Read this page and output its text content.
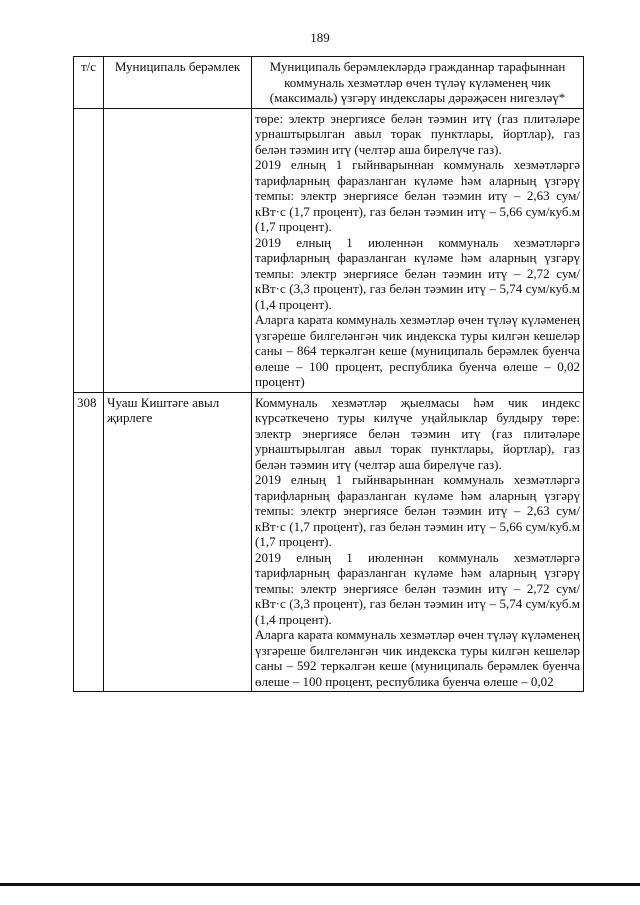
189
т/с	Муниципаль берәмлек	Муниципаль берәмлекләрдә гражданнар тарафыннан коммуналь хезмәтләр өчен түләү күләменең чик (максималь) үзгәрү индекслары дәрәҗәсен нигезләү*

		төре: электр энергиясе белән тәэмин итү (газ плитәләре урнаштырылган авыл торак пунктлары, йортлар), газ белән тәэмин итү (челтәр аша бирелүче газ).

2019 елның 1 гыйнварыннан коммуналь хезмәтләргә тарифларның фаразланган күләме һәм аларның үзгәрү темпы: электр энергиясе белән тәэмин итү – 2,63 сум/кВт·с (1,7 процент), газ белән тәэмин итү – 5,66 сум/куб.м (1,7 процент).

2019 елның 1 июленнән коммуналь хезмәтләргә тарифларның фаразланган күләме һәм аларның үзгәрү темпы: электр энергиясе белән тәэмин итү – 2,72 сум/кВт·с (3,3 процент), газ белән тәэмин итү – 5,74 сум/куб.м (1,4 процент).

Аларга карата коммуналь хезмәтләр өчен түләү күләменең үзгәреше билгеләнгән чик индекска туры килгән кешеләр саны – 864 теркәлгән кеше (муниципаль берәмлек буенча өлеше – 100 процент, республика буенча өлеше – 0,02 процент)

308	Чуаш Киштәге авыл җирлеге	Коммуналь хезмәтләр җыелмасы һәм чик индекс күрсәткечено туры килүче уңайлыклар булдыру төре: электр энергиясе белән тәэмин итү (газ плитәләре урнаштырылган авыл торак пунктлары, йортлар), газ белән тәэмин итү (челтәр аша бирелүче газ).

2019 елның 1 гыйнварыннан коммуналь хезмәтләргә тарифларның фаразланган күләме һәм аларның үзгәрү темпы: электр энергиясе белән тәэмин итү – 2,63 сум/кВт·с (1,7 процент), газ белән тәэмин итү – 5,66 сум/куб.м (1,7 процент).

2019 елның 1 июленнән коммуналь хезмәтләргә тарифларның фаразланган күләме һәм аларның үзгәрү темпы: электр энергиясе белән тәэмин итү – 2,72 сум/кВт·с (3,3 процент), газ белән тәэмин итү – 5,74 сум/куб.м (1,4 процент).

Аларга карата коммуналь хезмәтләр өчен түләү күләменең үзгәреше билгеләнгән чик индекска туры килгән кешеләр саны – 592 теркәлгән кеше (муниципаль берәмлек буенча өлеше – 100 процент, республика буенча өлеше – 0,02
